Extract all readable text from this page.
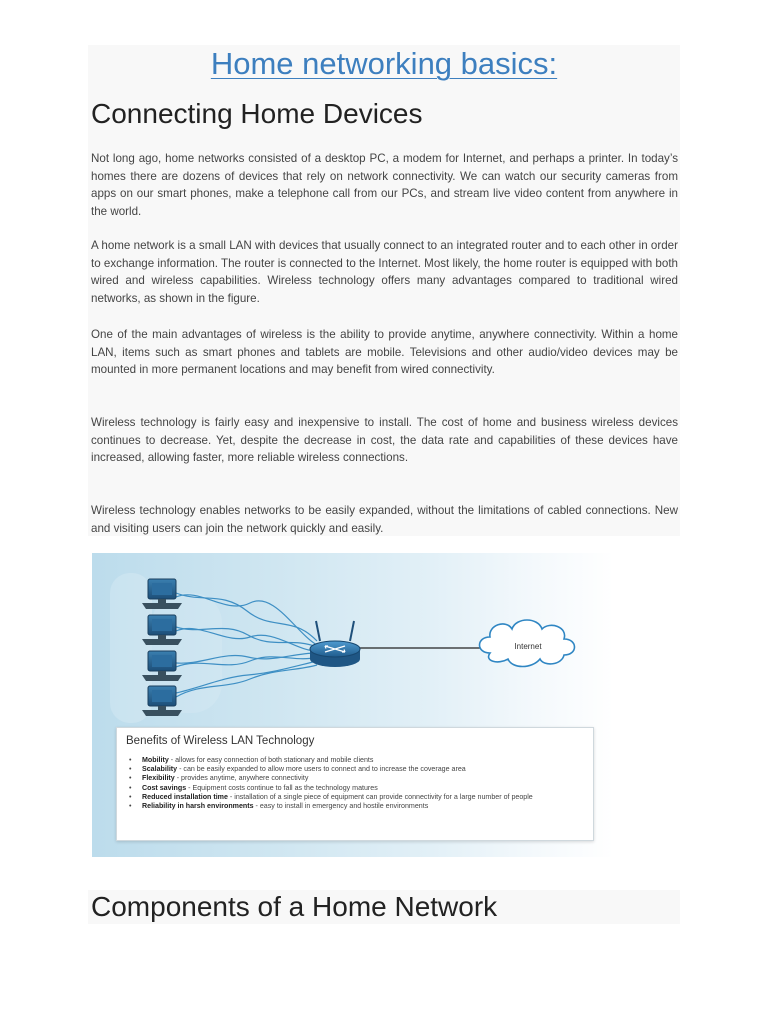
Home networking basics:
Connecting Home Devices

Not long ago, home networks consisted of a desktop PC, a modem for Internet, and perhaps a printer. In today’s homes there are dozens of devices that rely on network connectivity. We can watch our security cameras from apps on our smart phones, make a telephone call from our PCs, and stream live video content from anywhere in the world.

A home network is a small LAN with devices that usually connect to an integrated router and to each other in order to exchange information. The router is connected to the Internet. Most likely, the home router is equipped with both wired and wireless capabilities. Wireless technology offers many advantages compared to traditional wired networks, as shown in the figure.

One of the main advantages of wireless is the ability to provide anytime, anywhere connectivity. Within a home LAN, items such as smart phones and tablets are mobile. Televisions and other audio/video devices may be mounted in more permanent locations and may benefit from wired connectivity.

Wireless technology is fairly easy and inexpensive to install. The cost of home and business wireless devices continues to decrease. Yet, despite the decrease in cost, the data rate and capabilities of these devices have increased, allowing faster, more reliable wireless connections.

Wireless technology enables networks to be easily expanded, without the limitations of cabled connections. New and visiting users can join the network quickly and easily.

Internet

Benefits of Wireless LAN Technology

• Mobility - allows for easy connection of both stationary and mobile clients
• Scalability - can be easily expanded to allow more users to connect and to increase the coverage area
• Flexibility - provides anytime, anywhere connectivity
• Cost savings - Equipment costs continue to fall as the technology matures
• Reduced installation time - installation of a single piece of equipment can provide connectivity for a large number of people
• Reliability in harsh environments - easy to install in emergency and hostile environments
Components of a Home Network
